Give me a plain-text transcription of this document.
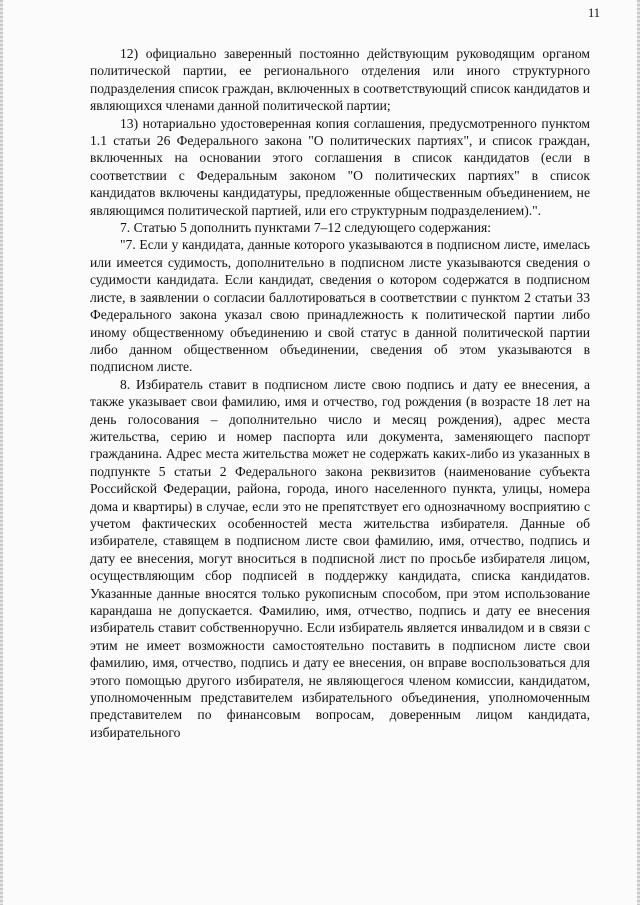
11

12) официально заверенный постоянно действующим руководящим органом политической партии, ее регионального отделения или иного структурного подразделения список граждан, включенных в соответствующий список кандидатов и являющихся членами данной политической партии;

13) нотариально удостоверенная копия соглашения, предусмотренного пунктом 1.1 статьи 26 Федерального закона "О политических партиях", и список граждан, включенных на основании этого соглашения в список кандидатов (если в соответствии с Федеральным законом "О политических партиях" в список кандидатов включены кандидатуры, предложенные общественным объединением, не являющимся политической партией, или его структурным подразделением).".

7. Статью 5 дополнить пунктами 7–12 следующего содержания:

"7. Если у кандидата, данные которого указываются в подписном листе, имелась или имеется судимость, дополнительно в подписном листе указываются сведения о судимости кандидата. Если кандидат, сведения о котором содержатся в подписном листе, в заявлении о согласии баллотироваться в соответствии с пунктом 2 статьи 33 Федерального закона указал свою принадлежность к политической партии либо иному общественному объединению и свой статус в данной политической партии либо данном общественном объединении, сведения об этом указываются в подписном листе.

8. Избиратель ставит в подписном листе свою подпись и дату ее внесения, а также указывает свои фамилию, имя и отчество, год рождения (в возрасте 18 лет на день голосования – дополнительно число и месяц рождения), адрес места жительства, серию и номер паспорта или документа, заменяющего паспорт гражданина. Адрес места жительства может не содержать каких-либо из указанных в подпункте 5 статьи 2 Федерального закона реквизитов (наименование субъекта Российской Федерации, района, города, иного населенного пункта, улицы, номера дома и квартиры) в случае, если это не препятствует его однозначному восприятию с учетом фактических особенностей места жительства избирателя. Данные об избирателе, ставящем в подписном листе свои фамилию, имя, отчество, подпись и дату ее внесения, могут вноситься в подписной лист по просьбе избирателя лицом, осуществляющим сбор подписей в поддержку кандидата, списка кандидатов. Указанные данные вносятся только рукописным способом, при этом использование карандаша не допускается. Фамилию, имя, отчество, подпись и дату ее внесения избиратель ставит собственноручно. Если избиратель является инвалидом и в связи с этим не имеет возможности самостоятельно поставить в подписном листе свои фамилию, имя, отчество, подпись и дату ее внесения, он вправе воспользоваться для этого помощью другого избирателя, не являющегося членом комиссии, кандидатом, уполномоченным представителем избирательного объединения, уполномоченным представителем по финансовым вопросам, доверенным лицом кандидата, избирательного
